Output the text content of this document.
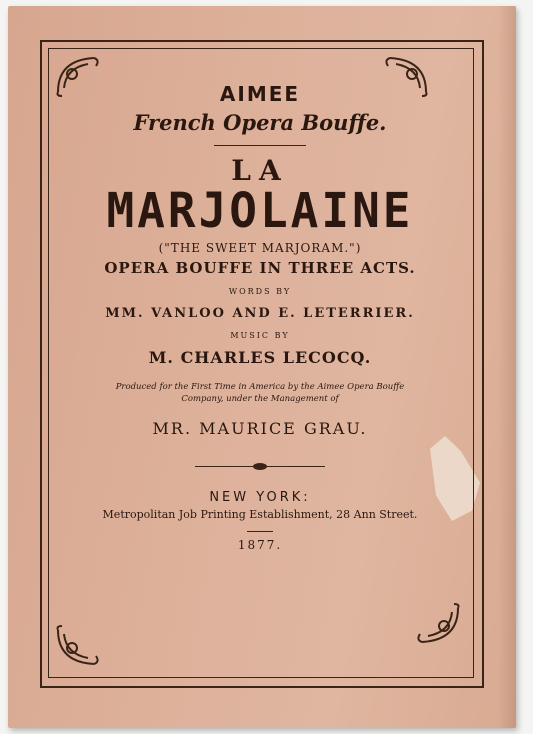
AIMEE
French Opera Bouffe.
LA
MARJOLAINE
("THE SWEET MARJORAM.")
OPERA BOUFFE IN THREE ACTS.
WORDS BY
MM. VANLOO AND E. LETERRIER.
MUSIC BY
M. CHARLES LECOCQ.
Produced for the First Time in America by the Aimee Opera Bouffe Company, under the Management of
MR. MAURICE GRAU.
NEW YORK:
Metropolitan Job Printing Establishment, 28 Ann Street.
1877.
